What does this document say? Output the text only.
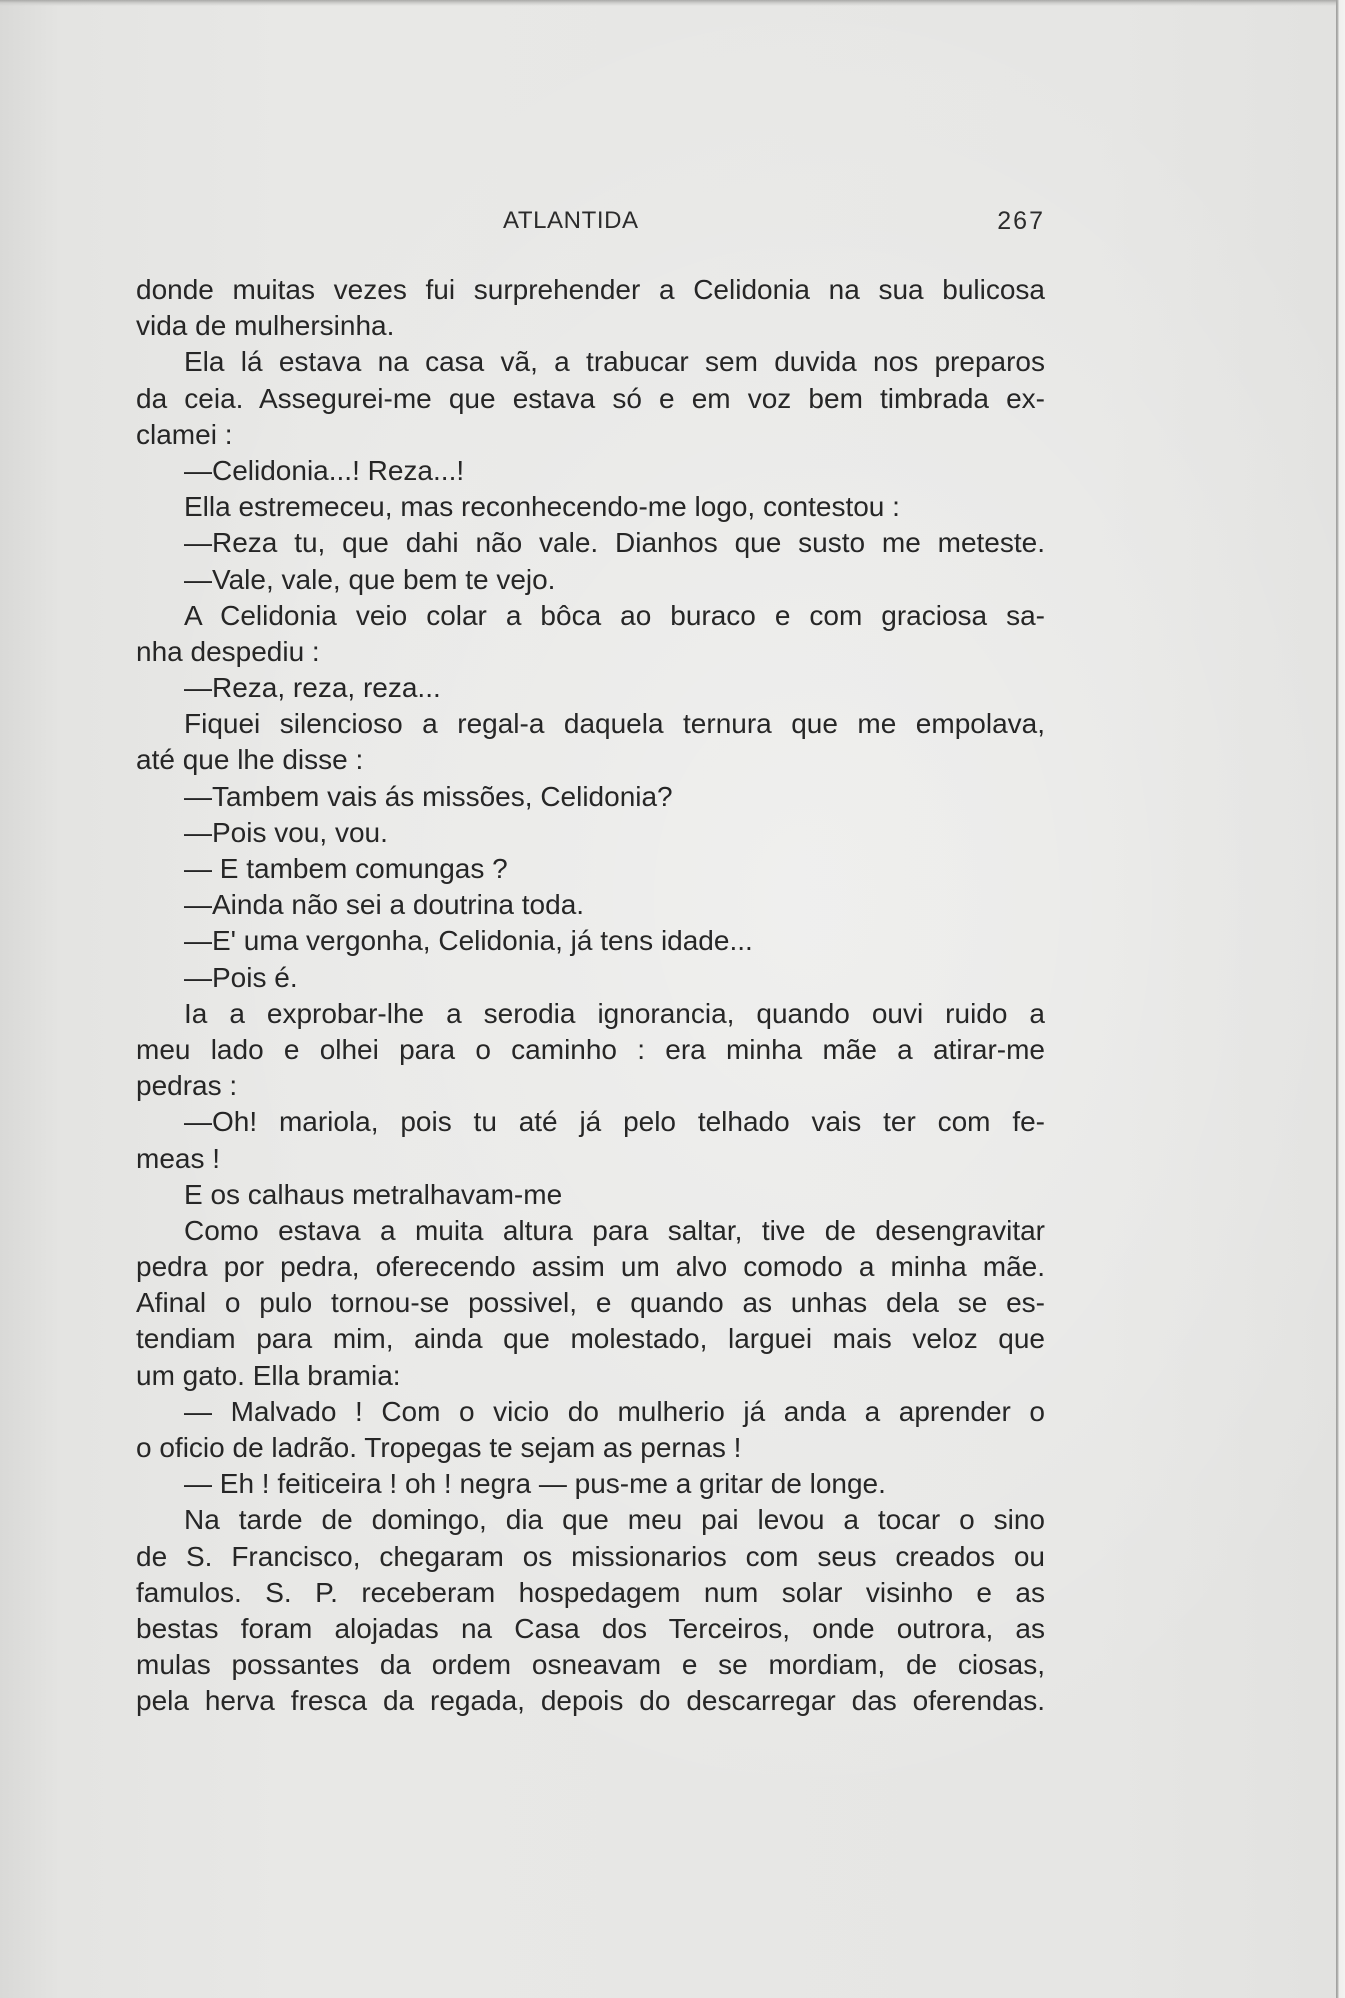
ATLANTIDA	267
donde muitas vezes fui surprehender a Celidonia na sua bulicosa
vida de mulhersinha.
Ela lá estava na casa vã, a trabucar sem duvida nos preparos
da ceia. Assegurei-me que estava só e em voz bem timbrada ex-
clamei :
—Celidonia...! Reza...!
Ella estremeceu, mas reconhecendo-me logo, contestou :
—Reza tu, que dahi não vale. Dianhos que susto me meteste.
—Vale, vale, que bem te vejo.
A Celidonia veio colar a bôca ao buraco e com graciosa sa-
nha despediu :
—Reza, reza, reza...
Fiquei silencioso a regal-a daquela ternura que me empolava,
até que lhe disse :
—Tambem vais ás missões, Celidonia?
—Pois vou, vou.
— E tambem comungas ?
—Ainda não sei a doutrina toda.
—E' uma vergonha, Celidonia, já tens idade...
—Pois é.
Ia a exprobar-lhe a serodia ignorancia, quando ouvi ruido a
meu lado e olhei para o caminho : era minha mãe a atirar-me
pedras :
—Oh! mariola, pois tu até já pelo telhado vais ter com fe-
meas !
E os calhaus metralhavam-me
Como estava a muita altura para saltar, tive de desengravitar
pedra por pedra, oferecendo assim um alvo comodo a minha mãe.
Afinal o pulo tornou-se possivel, e quando as unhas dela se es-
tendiam para mim, ainda que molestado, larguei mais veloz que
um gato. Ella bramia:
— Malvado ! Com o vicio do mulherio já anda a aprender o
o oficio de ladrão. Tropegas te sejam as pernas !
— Eh ! feiticeira ! oh ! negra — pus-me a gritar de longe.
Na tarde de domingo, dia que meu pai levou a tocar o sino
de S. Francisco, chegaram os missionarios com seus creados ou
famulos. S. P. receberam hospedagem num solar visinho e as
bestas foram alojadas na Casa dos Terceiros, onde outrora, as
mulas possantes da ordem osneavam e se mordiam, de ciosas,
pela herva fresca da regada, depois do descarregar das oferendas.
